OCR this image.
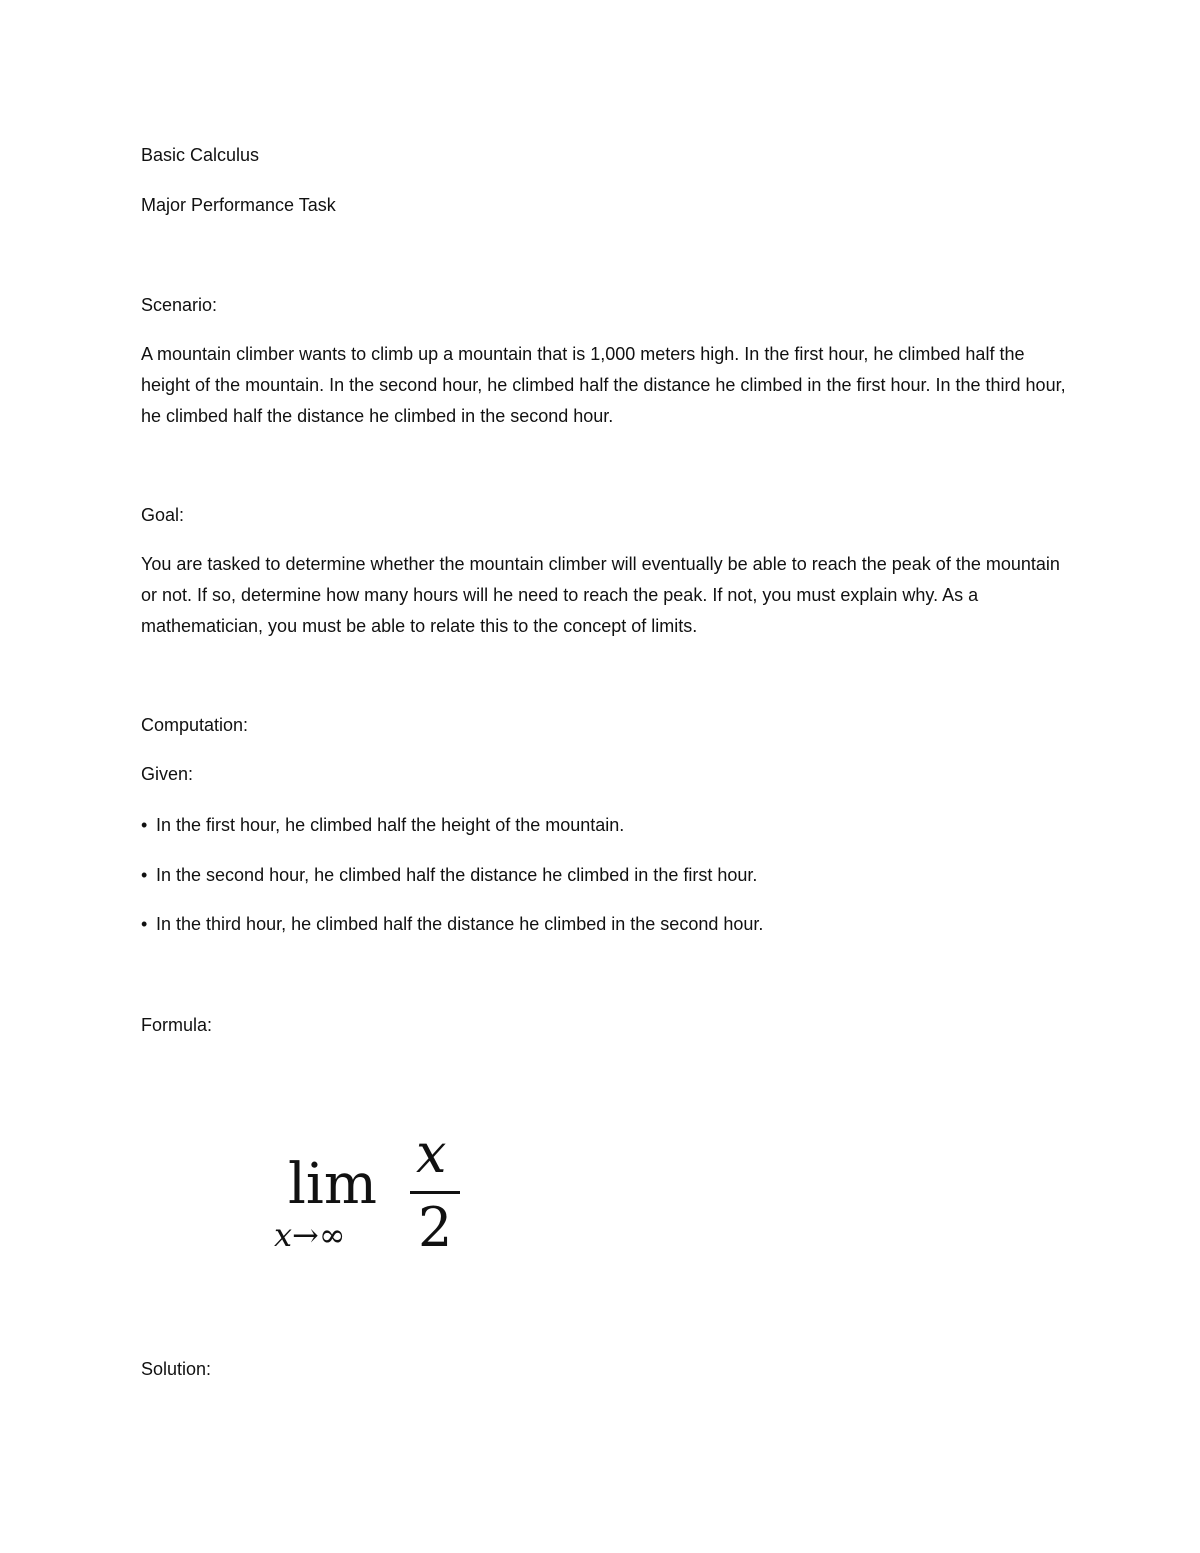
Basic Calculus

Major Performance Task

Scenario:

A mountain climber wants to climb up a mountain that is 1,000 meters high. In the first hour, he climbed half the height of the mountain. In the second hour, he climbed half the distance he climbed in the first hour. In the third hour, he climbed half the distance he climbed in the second hour.

Goal:

You are tasked to determine whether the mountain climber will eventually be able to reach the peak of the mountain or not. If so, determine how many hours will he need to reach the peak. If not, you must explain why. As a mathematician, you must be able to relate this to the concept of limits.

Computation:

Given:

• In the first hour, he climbed half the height of the mountain.

• In the second hour, he climbed half the distance he climbed in the first hour.

• In the third hour, he climbed half the distance he climbed in the second hour.

Formula:

lim
x→∞
x
2

Solution:
